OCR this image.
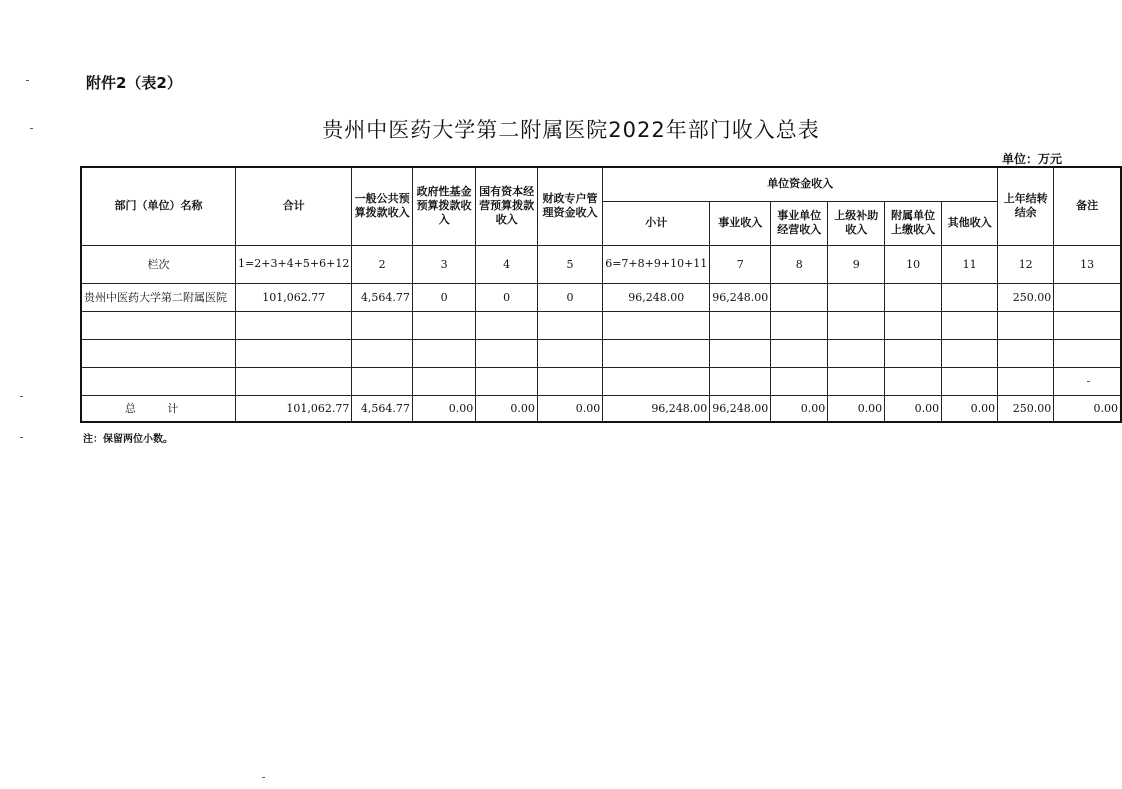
附件2（表2）
贵州中医药大学第二附属医院2022年部门收入总表
单位：万元
部门（单位）名称	合计	一般公共预算拨款收入	政府性基金预算拨款收入	国有资本经营预算拨款收入	财政专户管理资金收入	单位资金收入						上年结转结余	备注
						小计	事业收入	事业单位经营收入	上级补助收入	附属单位上缴收入	其他收入		
栏次	1=2+3+4+5+6+12	2	3	4	5	6=7+8+9+10+11	7	8	9	10	11	12	13
贵州中医药大学第二附属医院	101,062.77	4,564.77	0	0	0	96,248.00	96,248.00					250.00	

总 计	101,062.77	4,564.77	0.00	0.00	0.00	96,248.00	96,248.00	0.00	0.00	0.00	0.00	250.00	0.00
注：保留两位小数。
